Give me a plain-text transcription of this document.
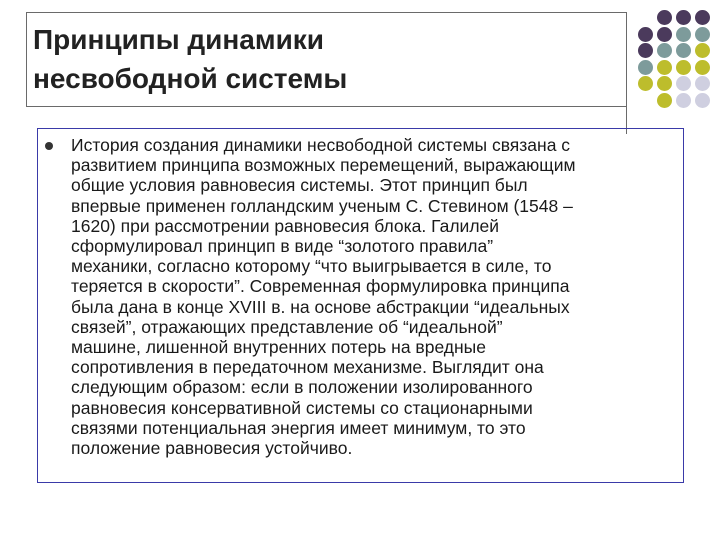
Принципы динамики
несвободной системы
История создания динамики несвободной системы связана с
развитием принципа возможных перемещений, выражающим
общие условия равновесия системы. Этот принцип был
впервые применен голландским ученым С. Стевином (1548 –
1620) при рассмотрении равновесия блока. Галилей
сформулировал принцип в виде “золотого правила”
механики, согласно которому “что выигрывается в силе, то
теряется в скорости”. Современная формулировка принципа
была дана в конце XVIII в. на основе абстракции “идеальных
связей”, отражающих представление об “идеальной”
машине, лишенной внутренних потерь на вредные
сопротивления в передаточном механизме. Выглядит она
следующим образом: если в положении изолированного
равновесия консервативной системы со стационарными
связями потенциальная энергия имеет минимум, то это
положение равновесия устойчиво.
